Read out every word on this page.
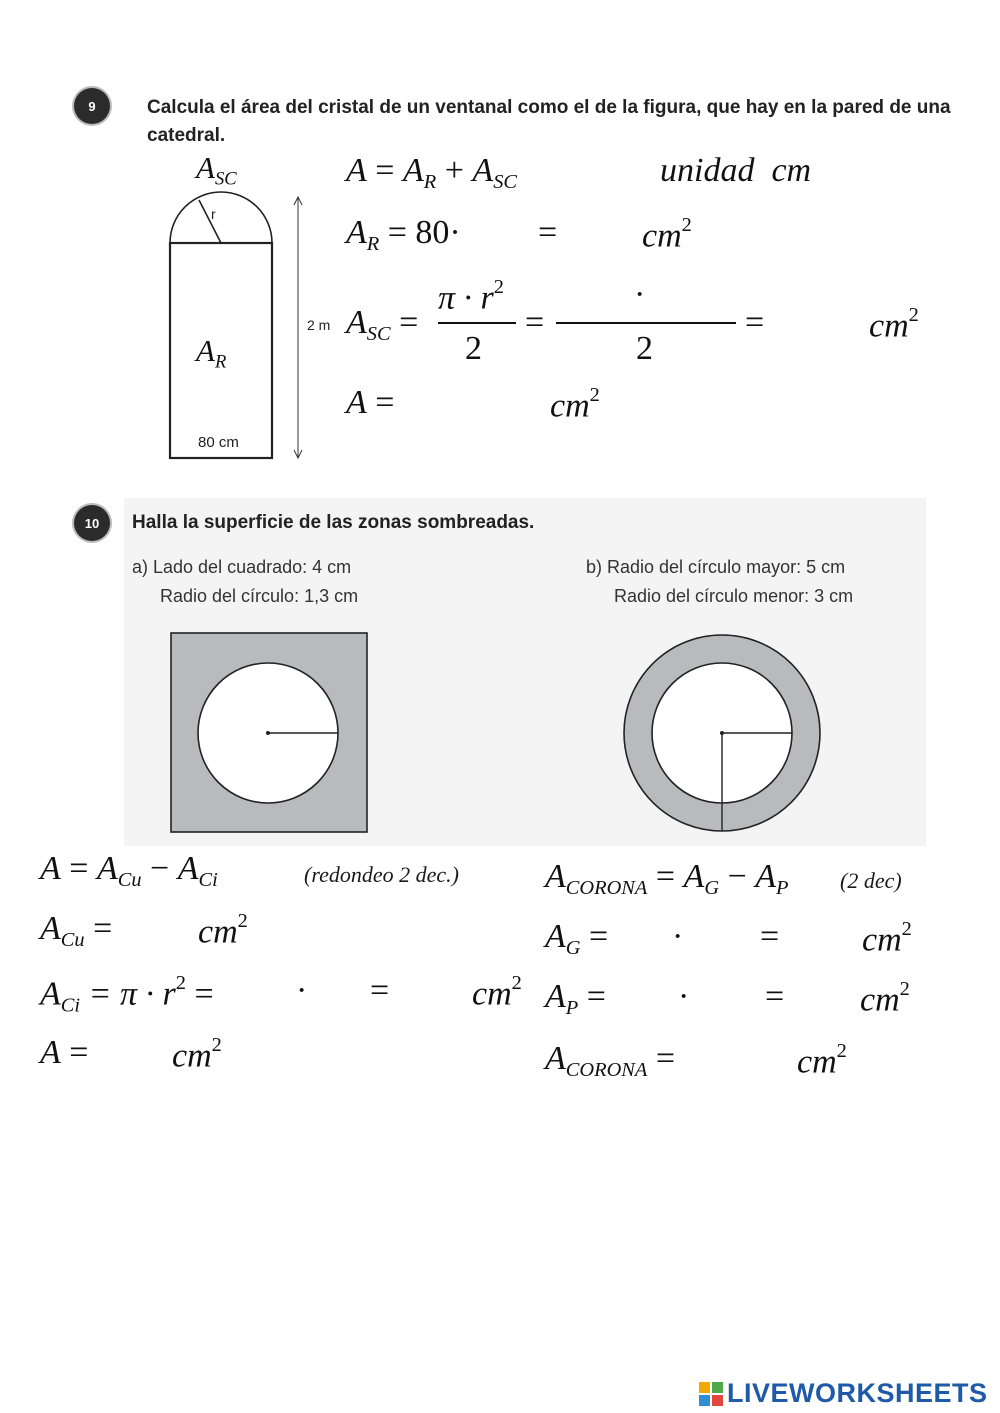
9	Calcula el área del cristal de un ventanal como el de la figura, que hay en la pared de una catedral.
$A_{SC}$
r
$A_R$
80 cm
2 m
$A = A_R + A_{SC}$	unidad cm
$A_R = 80\cdot = cm^2$
$A_{SC}$ =
$\pi \cdot r^2$
2
=
·
2
=	$cm^2$
A =	$cm^2$
10 Halla la superficie de las zonas sombreadas.
a) Lado del cuadrado: 4 cm
Radio del círculo: 1,3 cm
b) Radio del círculo mayor: 5 cm
Radio del círculo menor: 3 cm
$A = A_{Cu} - A_{Ci}$	(redondeo 2 dec.)
$A_{Cu}$ =	$cm^2$
$A_{Ci} = \pi \cdot r^2$ = · = $cm^2$
$A = cm^2$
$A_{CORONA} = A_G - A_P$ (2 dec)
$A_G$ = · = $cm^2$
$A_P$ = · = $cm^2$
$A_{CORONA}$ =	$cm^2$
LIVEWORKSHEETS
